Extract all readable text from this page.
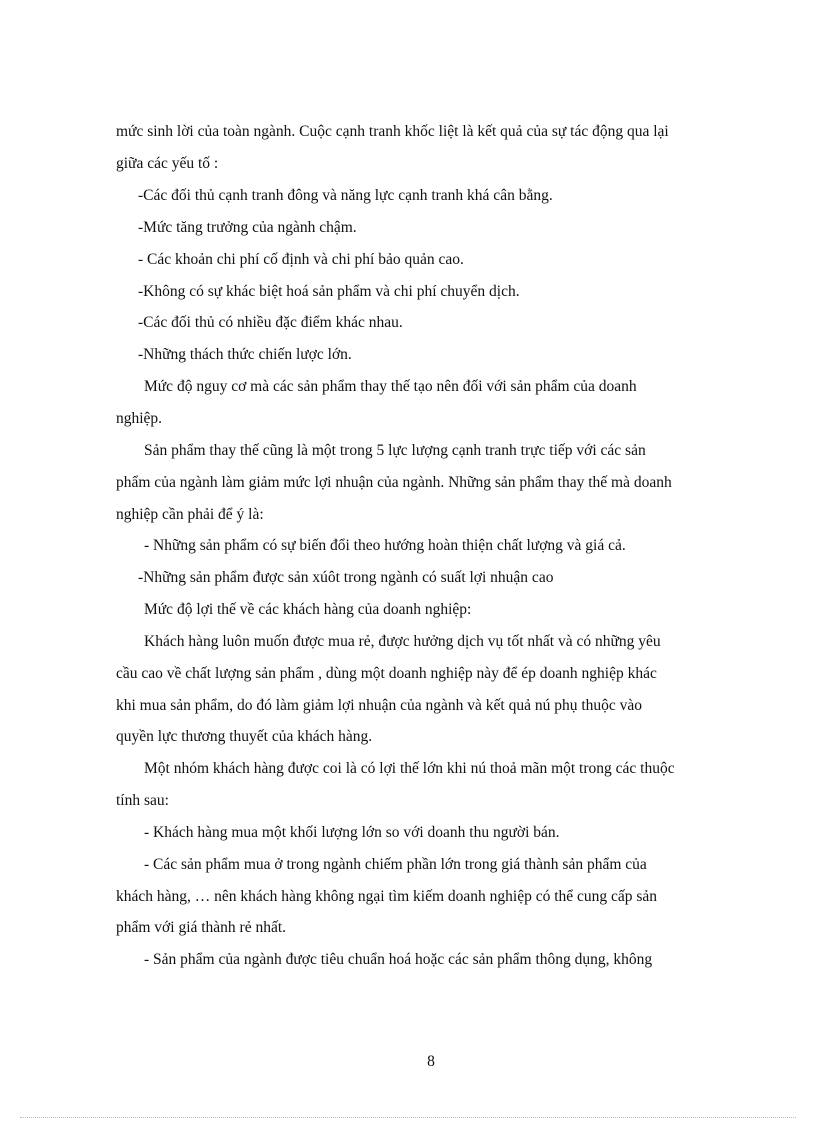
mức sinh lời của toàn ngành. Cuộc cạnh tranh khốc liệt là kết quả của sự tác động qua lại
giữa các yếu tố :
-Các đối thủ cạnh tranh đông và năng lực cạnh tranh khá cân bằng.
-Mức tăng trưởng của ngành chậm.
- Các khoản chi phí cố định và chi phí bảo quản cao.
-Không có sự khác biệt hoá sản phẩm và chi phí chuyển dịch.
-Các đối thủ có nhiều đặc điểm khác nhau.
-Những thách thức chiến lược lớn.
Mức độ nguy cơ mà các sản phẩm thay thế tạo nên đối với sản phẩm của doanh
nghiệp.
Sản phẩm thay thế cũng là một trong 5 lực lượng cạnh tranh trực tiếp với các sản
phẩm của ngành làm giảm mức lợi nhuận của ngành. Những sản phẩm thay thế mà doanh
nghiệp cần phải để ý là:
- Những sản phẩm có sự biến đổi theo hướng hoàn thiện chất lượng và giá cả.
-Những sản phẩm được sản xúôt trong ngành có suất lợi nhuận cao
Mức độ lợi thế về các khách hàng của doanh nghiệp:
Khách hàng luôn muốn được mua rẻ, được hưởng dịch vụ tốt nhất và có những yêu
cầu cao về chất lượng sản phẩm , dùng một doanh nghiệp này để ép doanh nghiệp khác
khi mua sản phẩm, do đó làm giảm lợi nhuận của ngành và kết quả nú phụ thuộc vào
quyền lực thương thuyết của khách hàng.
Một nhóm khách hàng được coi là có lợi thế lớn khi nú thoả mãn một trong các thuộc
tính sau:
- Khách hàng mua một khối lượng lớn so với doanh thu người bán.
- Các sản phẩm mua ở trong ngành chiếm phần lớn trong giá thành sản phẩm của
khách hàng, … nên khách hàng không ngại tìm kiếm doanh nghiệp có thể cung cấp sản
phẩm với giá thành rẻ nhất.
- Sản phẩm của ngành được tiêu chuẩn hoá hoặc các sản phẩm thông dụng, không
8
